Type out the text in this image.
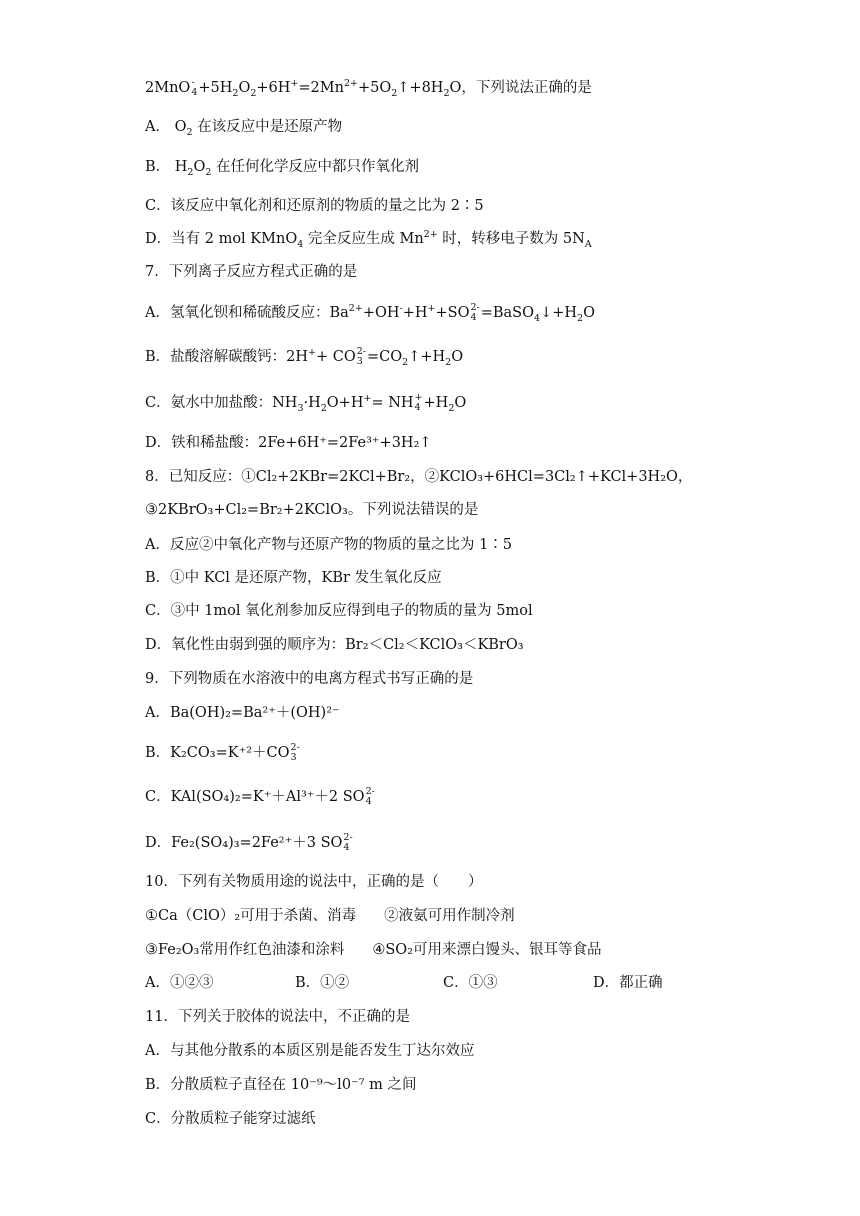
2MnO -
$4 +5H_2O_2+6H^+=2Mn^{2+}+5O_2↑+8H_2O$，下列说法正确的是
A． $O_2$ 在该反应中是还原产物
B． $H_2O_2$ 在任何化学反应中都只作氧化剂
C．该反应中氧化剂和还原剂的物质的量之比为 2∶5
D．当有 2 mol KMnO$_4$ 完全反应生成 $Mn^{2+}$ 时，转移电子数为 $5N_A$
7．下列离子反应方程式正确的是
A．氢氧化钡和稀硫酸反应：$Ba^{2+}+OH^-+H^++SO$ 2-
$4 =BaSO_4↓+H_2O$
B．盐酸溶解碳酸钙：2H++ CO 2-
$3 =CO_2↑+H_2O$
C．氨水中加盐酸：$NH_3\cdot H_2O+H^+=$ NH +
$4 +H_2O$
D．铁和稀盐酸：2Fe+6H⁺=2Fe³⁺+3H₂↑
8．已知反应：①Cl₂+2KBr=2KCl+Br₂，②KClO₃+6HCl=3Cl₂↑+KCl+3H₂O，
③2KBrO₃+Cl₂=Br₂+2KClO₃。下列说法错误的是
A．反应②中氧化产物与还原产物的物质的量之比为 1∶5
B．①中 KCl 是还原产物，KBr 发生氧化反应
C．③中 1mol 氧化剂参加反应得到电子的物质的量为 5mol
D．氧化性由弱到强的顺序为：Br₂＜Cl₂＜KClO₃＜KBrO₃
9．下列物质在水溶液中的电离方程式书写正确的是
A．Ba(OH)₂=Ba²⁺＋(OH)²⁻
B．K₂CO₃=K⁺²＋CO 2-
3
C．KAl(SO₄)₂=K⁺＋Al³⁺＋2 SO 2-
4
D．Fe₂(SO₄)₃=2Fe²⁺＋3 SO 2-
4
10．下列有关物质用途的说法中，正确的是（　　）
①Ca（ClO）₂可用于杀菌、消毒 ②液氨可用作制冷剂
③Fe₂O₃常用作红色油漆和涂料 ④SO₂可用来漂白馒头、银耳等食品
A．①②③	B．①②	C．①③	D．都正确
11．下列关于胶体的说法中，不正确的是
A．与其他分散系的本质区别是能否发生丁达尔效应
B．分散质粒子直径在 10⁻⁹～l0⁻⁷ m 之间
C．分散质粒子能穿过滤纸
